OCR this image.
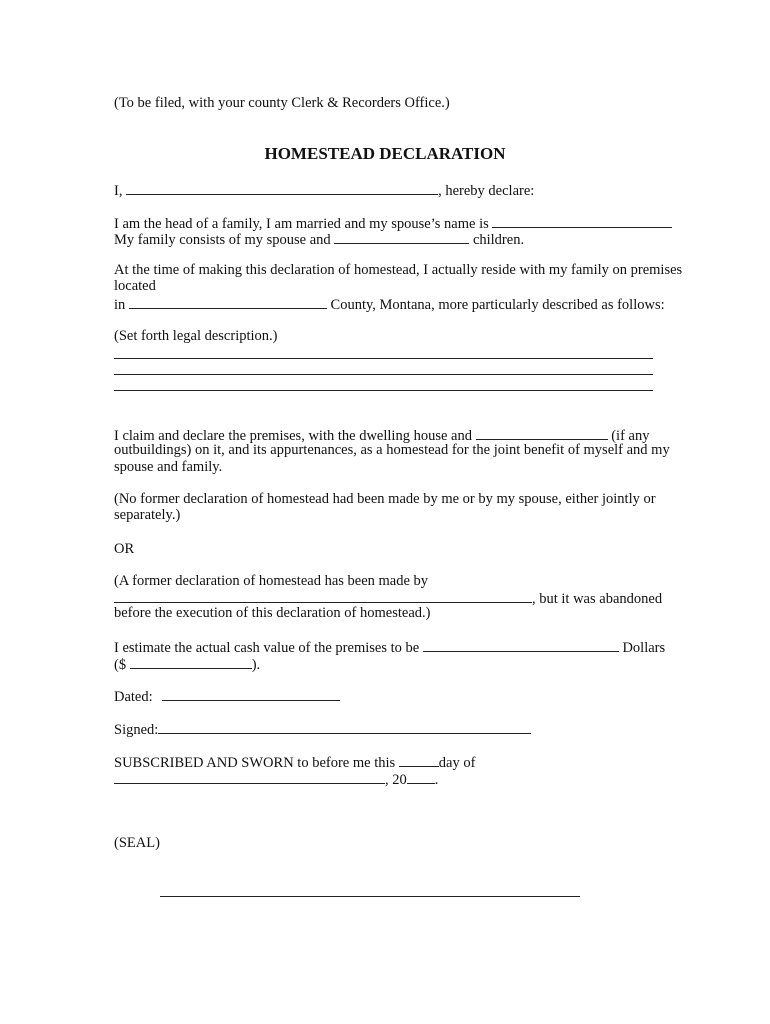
(To be filed, with your county Clerk & Recorders Office.)
HOMESTEAD DECLARATION
I,	, hereby declare:
I am the head of a family, I am married and my spouse’s name is
My family consists of my spouse and	children.
At the time of making this declaration of homestead, I actually reside with my family on premises
located
in	County, Montana, more particularly described as follows:
(Set forth legal description.)
I claim and declare the premises, with the dwelling house and	(if any
outbuildings) on it, and its appurtenances, as a homestead for the joint benefit of myself and my
spouse and family.
(No former declaration of homestead had been made by me or by my spouse, either jointly or
separately.)
OR
(A former declaration of homestead has been made by
, but it was abandoned
before the execution of this declaration of homestead.)
I estimate the actual cash value of the premises to be	Dollars
($	).
Dated:
Signed:
SUBSCRIBED AND SWORN to before me this	day of
, 20 .
(SEAL)
